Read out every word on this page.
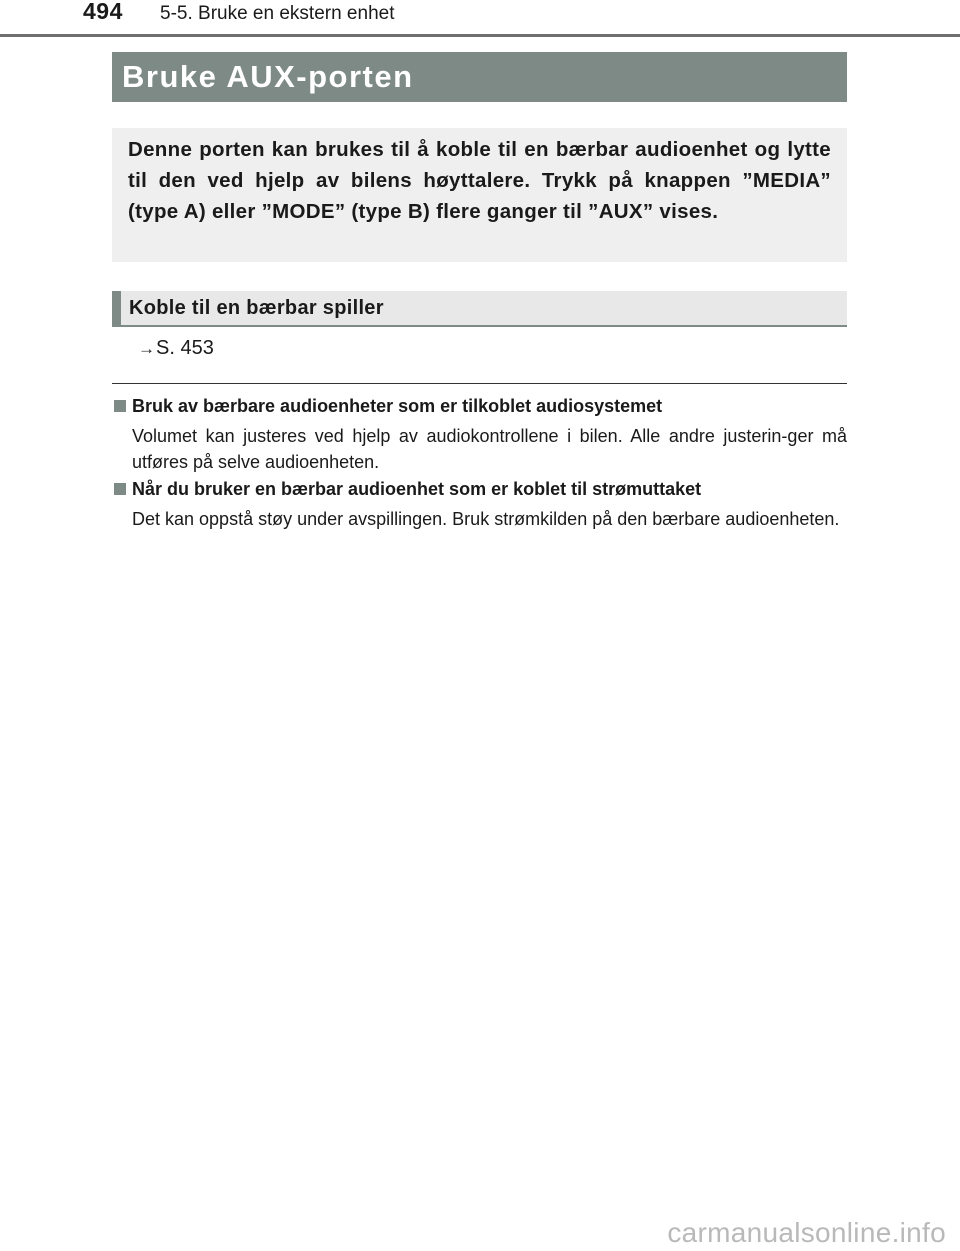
494 5-5. Bruke en ekstern enhet
Bruke AUX-porten
Denne porten kan brukes til å koble til en bærbar audioenhet og lytte til den ved hjelp av bilens høyttalere. Trykk på knappen ”MEDIA” (type A) eller ”MODE” (type B) flere ganger til ”AUX” vises.
Koble til en bærbar spiller
→S. 453
Bruk av bærbare audioenheter som er tilkoblet audiosystemet
Volumet kan justeres ved hjelp av audiokontrollene i bilen. Alle andre justerin-ger må utføres på selve audioenheten.
Når du bruker en bærbar audioenhet som er koblet til strømuttaket
Det kan oppstå støy under avspillingen. Bruk strømkilden på den bærbare audioenheten.
carmanualsonline.info
